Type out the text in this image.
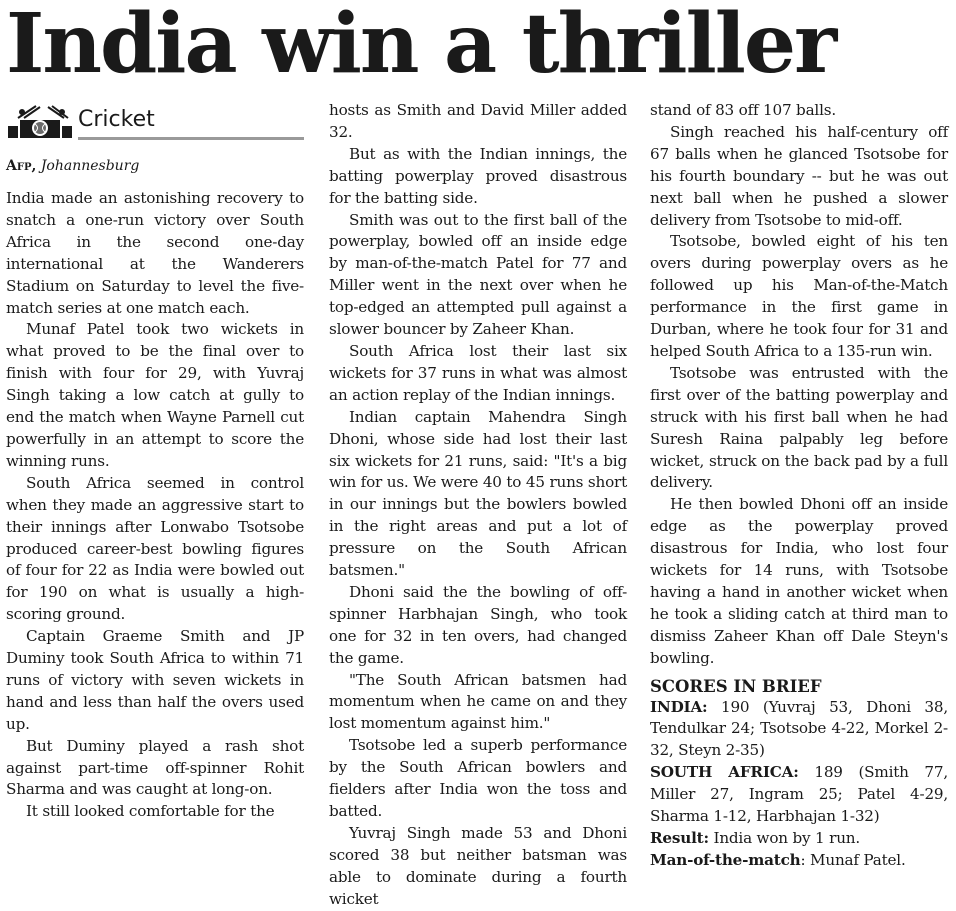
India win a thriller
Cricket
Afp, Johannesburg

India made an astonishing recovery to snatch a one-run victory over South Africa in the second one-day international at the Wanderers Stadium on Saturday to level the five-match series at one match each.

Munaf Patel took two wickets in what proved to be the final over to finish with four for 29, with Yuvraj Singh taking a low catch at gully to end the match when Wayne Parnell cut powerfully in an attempt to score the winning runs.

South Africa seemed in control when they made an aggressive start to their innings after Lonwabo Tsotsobe produced career-best bowling figures of four for 22 as India were bowled out for 190 on what is usually a high-scoring ground.

Captain Graeme Smith and JP Duminy took South Africa to within 71 runs of victory with seven wickets in hand and less than half the overs used up.

But Duminy played a rash shot against part-time off-spinner Rohit Sharma and was caught at long-on.

It still looked comfortable for the

hosts as Smith and David Miller added 32.

But as with the Indian innings, the batting powerplay proved disastrous for the batting side.

Smith was out to the first ball of the powerplay, bowled off an inside edge by man-of-the-match Patel for 77 and Miller went in the next over when he top-edged an attempted pull against a slower bouncer by Zaheer Khan.

South Africa lost their last six wickets for 37 runs in what was almost an action replay of the Indian innings.

Indian captain Mahendra Singh Dhoni, whose side had lost their last six wickets for 21 runs, said: "It's a big win for us. We were 40 to 45 runs short in our innings but the bowlers bowled in the right areas and put a lot of pressure on the South African batsmen."

Dhoni said the the bowling of off-spinner Harbhajan Singh, who took one for 32 in ten overs, had changed the game.

"The South African batsmen had momentum when he came on and they lost momentum against him."

Tsotsobe led a superb performance by the South African bowlers and fielders after India won the toss and batted.

Yuvraj Singh made 53 and Dhoni scored 38 but neither batsman was able to dominate during a fourth wicket

stand of 83 off 107 balls.

Singh reached his half-century off 67 balls when he glanced Tsotsobe for his fourth boundary -- but he was out next ball when he pushed a slower delivery from Tsotsobe to mid-off.

Tsotsobe, bowled eight of his ten overs during powerplay overs as he followed up his Man-of-the-Match performance in the first game in Durban, where he took four for 31 and helped South Africa to a 135-run win.

Tsotsobe was entrusted with the first over of the batting powerplay and struck with his first ball when he had Suresh Raina palpably leg before wicket, struck on the back pad by a full delivery.

He then bowled Dhoni off an inside edge as the powerplay proved disastrous for India, who lost four wickets for 14 runs, with Tsotsobe having a hand in another wicket when he took a sliding catch at third man to dismiss Zaheer Khan off Dale Steyn's bowling.

SCORES IN BRIEF
INDIA: 190 (Yuvraj 53, Dhoni 38, Tendulkar 24; Tsotsobe 4-22, Morkel 2-32, Steyn 2-35)
SOUTH AFRICA: 189 (Smith 77, Miller 27, Ingram 25; Patel 4-29, Sharma 1-12, Harbhajan 1-32)
Result: India won by 1 run.
Man-of-the-match: Munaf Patel.
